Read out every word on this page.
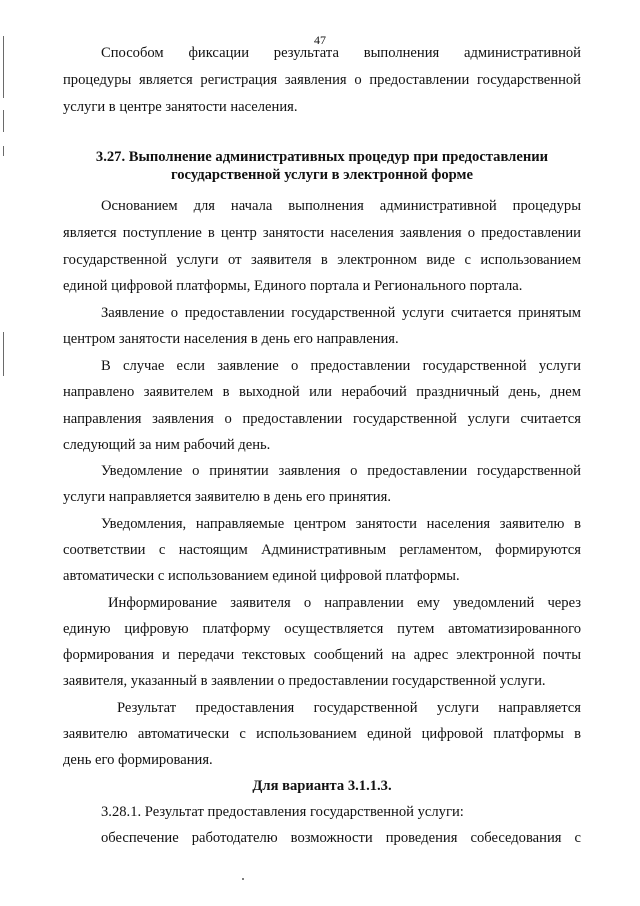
47
Способом фиксации результата выполнения административной
процедуры является регистрация заявления о предоставлении государственной
услуги в центре занятости населения.
3.27. Выполнение административных процедур при предоставлении
государственной услуги в электронной форме
Основанием для начала выполнения административной процедуры
является поступление в центр занятости населения заявления о предоставлении
государственной услуги от заявителя в электронном виде с использованием
единой цифровой платформы, Единого портала и Регионального портала.
Заявление о предоставлении государственной услуги считается принятым
центром занятости населения в день его направления.
В случае если заявление о предоставлении государственной услуги
направлено заявителем в выходной или нерабочий праздничный день, днем
направления заявления о предоставлении государственной услуги считается
следующий за ним рабочий день.
Уведомление о принятии заявления о предоставлении государственной
услуги направляется заявителю в день его принятия.
Уведомления, направляемые центром занятости населения заявителю в
соответствии с настоящим Административным регламентом, формируются
автоматически с использованием единой цифровой платформы.
Информирование заявителя о направлении ему уведомлений через
единую цифровую платформу осуществляется путем автоматизированного
формирования и передачи текстовых сообщений на адрес электронной почты
заявителя, указанный в заявлении о предоставлении государственной услуги.
Результат предоставления государственной услуги направляется
заявителю автоматически с использованием единой цифровой платформы в
день его формирования.
Для варианта 3.1.1.3.
3.28.1. Результат предоставления государственной услуги:
обеспечение работодателю возможности проведения собеседования с
